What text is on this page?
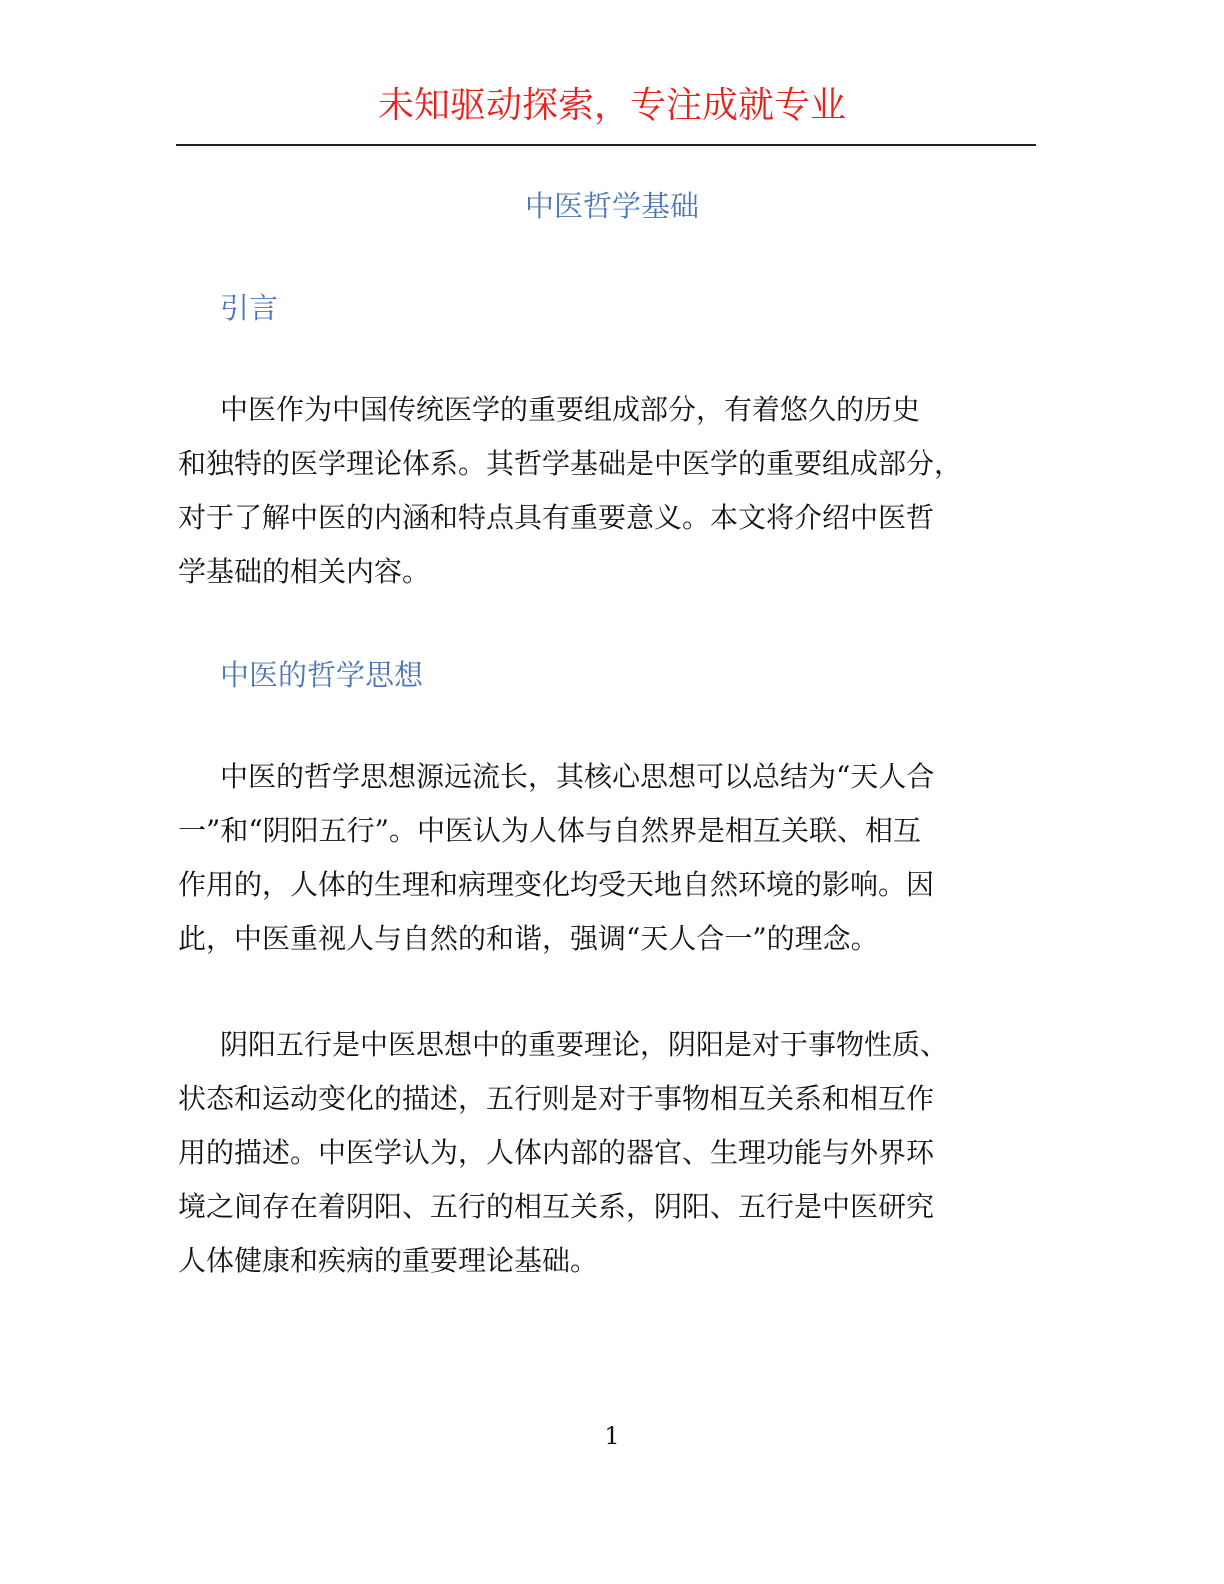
未知驱动探索，专注成就专业
中医哲学基础
引言
中医作为中国传统医学的重要组成部分，有着悠久的历史
和独特的医学理论体系。其哲学基础是中医学的重要组成部分，
对于了解中医的内涵和特点具有重要意义。本文将介绍中医哲
学基础的相关内容。
中医的哲学思想
中医的哲学思想源远流长，其核心思想可以总结为“天人合
一”和“阴阳五行”。中医认为人体与自然界是相互关联、相互
作用的，人体的生理和病理变化均受天地自然环境的影响。因
此，中医重视人与自然的和谐，强调“天人合一”的理念。
阴阳五行是中医思想中的重要理论，阴阳是对于事物性质、
状态和运动变化的描述，五行则是对于事物相互关系和相互作
用的描述。中医学认为，人体内部的器官、生理功能与外界环
境之间存在着阴阳、五行的相互关系，阴阳、五行是中医研究
人体健康和疾病的重要理论基础。
1
